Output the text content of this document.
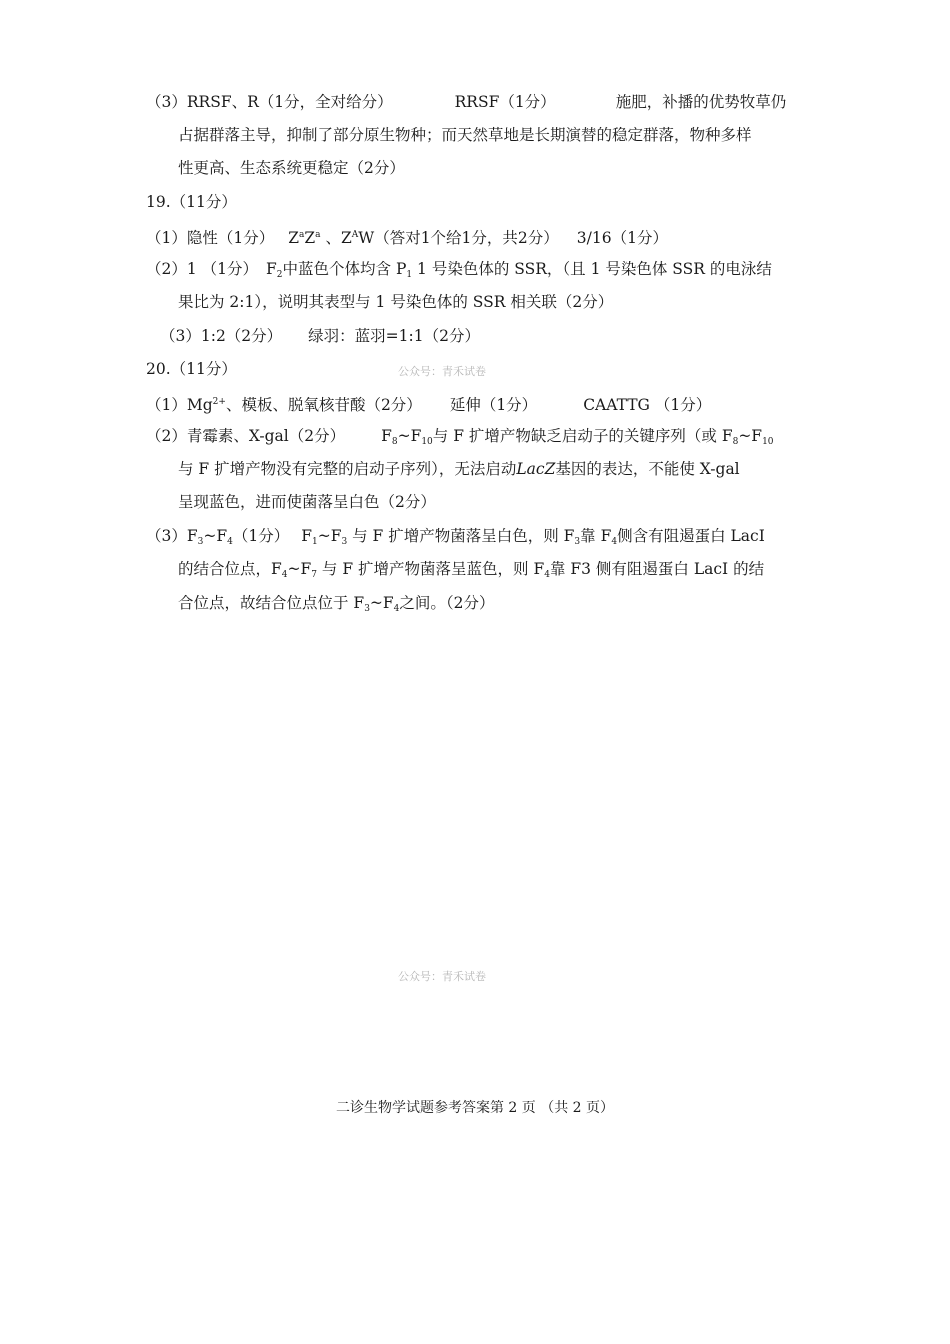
（3）RRSF、R（1分，全对给分）	RRSF（1分）	施肥，补播的优势牧草仍
占据群落主导，抑制了部分原生物种；而天然草地是长期演替的稳定群落，物种多样
性更高、生态系统更稳定（2分）
19.（11分）
（1）隐性（1分） $Z^aZ^a$ 、$Z^AW$（答对1个给1分，共2分） 3/16（1分）
（2）1 （1分） $F_2$中蓝色个体均含 $P_1$ 1 号染色体的 SSR，（且 1 号染色体 SSR 的电泳结
果比为 2:1），说明其表型与 1 号染色体的 SSR 相关联（2分）
（3）1:2（2分） 绿羽：蓝羽=1:1（2分）
20.（11分）	公众号：青禾试卷
$(1)Mg^{2+}$、模板、脱氧核苷酸（2分） 延伸（1分）	CAATTG （1分）
（2）青霉素、X-gal（2分） $F_8\sim F_{10}$与 F 扩增产物缺乏启动子的关键序列（或 $F_8\sim F_{10}$
与 F 扩增产物没有完整的启动子序列），无法启动LacZ基因的表达，不能使 X-gal
呈现蓝色，进而使菌落呈白色（2分）
$(3)F_3\sim F_4(1$分） $F_1\sim F_3$ 与 F 扩增产物菌落呈白色，则 $F_3$靠 $F_4$侧含有阻遏蛋白 LacI
的结合位点，$F_4\sim F_7$ 与 F 扩增产物菌落呈蓝色，则 $F_4$靠 F3 侧有阻遏蛋白 LacI 的结
合位点，故结合位点位于 $F_3\sim F_4$之间。（2分）
公众号：青禾试卷
二诊生物学试题参考答案第 2 页 （共 2 页）
